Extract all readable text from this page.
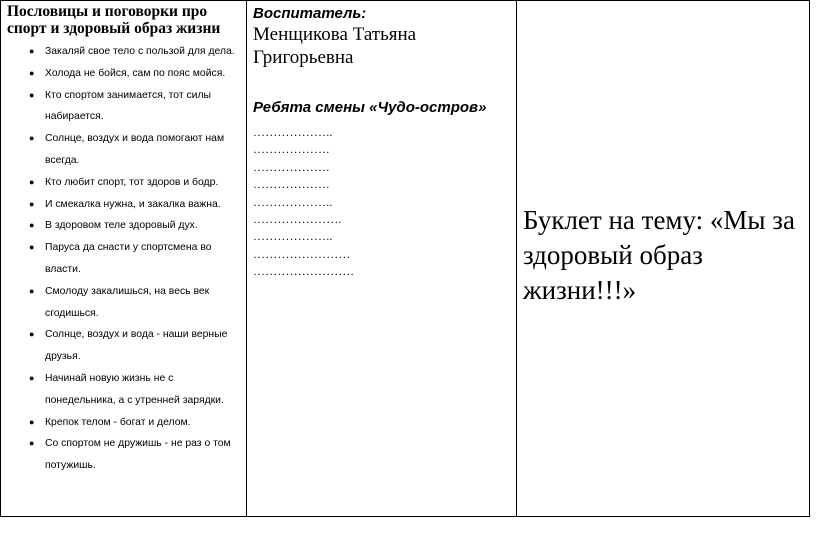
Пословицы и поговорки про спорт и здоровый образ жизни
● Закаляй свое тело с пользой для дела.
● Холода не бойся, сам по пояс мойся.
● Кто спортом занимается, тот силы
набирается.
● Солнце, воздух и вода помогают нам
всегда.
● Кто любит спорт, тот здоров и бодр.
● И смекалка нужна, и закалка важна.
● В здоровом теле здоровый дух.
● Паруса да снасти у спортсмена во
власти.
● Смолоду закалишься, на весь век
сгодишься.
● Солнце, воздух и вода - наши верные
друзья.
● Начинай новую жизнь не с
понедельника, а с утренней зарядки.
● Крепок телом - богат и делом.
● Со спортом не дружишь - не раз о том
потужишь.
Воспитатель:
Менщикова Татьяна Григорьевна
Ребята смены «Чудо-остров»
………………..
……………….
……………….
……………….
………………..
………………….
………………..
……………………
…………………….
Буклет на тему: «Мы за здоровый образ жизни!!!»
